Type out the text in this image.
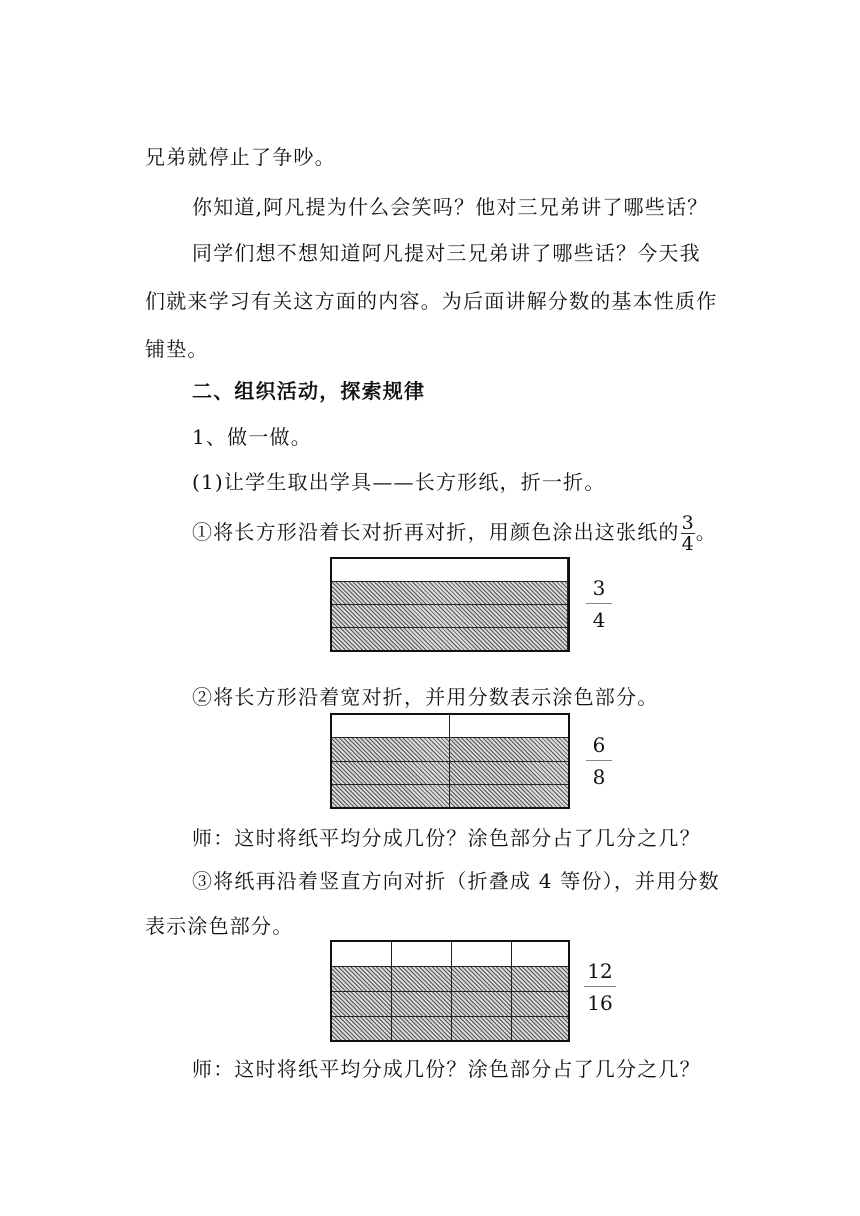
兄弟就停止了争吵。
你知道,阿凡提为什么会笑吗？他对三兄弟讲了哪些话？
同学们想不想知道阿凡提对三兄弟讲了哪些话？今天我
们就来学习有关这方面的内容。为后面讲解分数的基本性质作
铺垫。
二、组织活动，探索规律
1、做一做。
(1)让学生取出学具——长方形纸，折一折。
①将长方形沿着长对折再对折，用颜色涂出这张纸的 $\frac{3}{4}$ 。
$\frac{3}{4}$
②将长方形沿着宽对折，并用分数表示涂色部分。
$\frac{6}{8}$
师：这时将纸平均分成几份？涂色部分占了几分之几？
③将纸再沿着竖直方向对折（折叠成 4 等份），并用分数
表示涂色部分。
$\frac{12}{16}$
师：这时将纸平均分成几份？涂色部分占了几分之几？
